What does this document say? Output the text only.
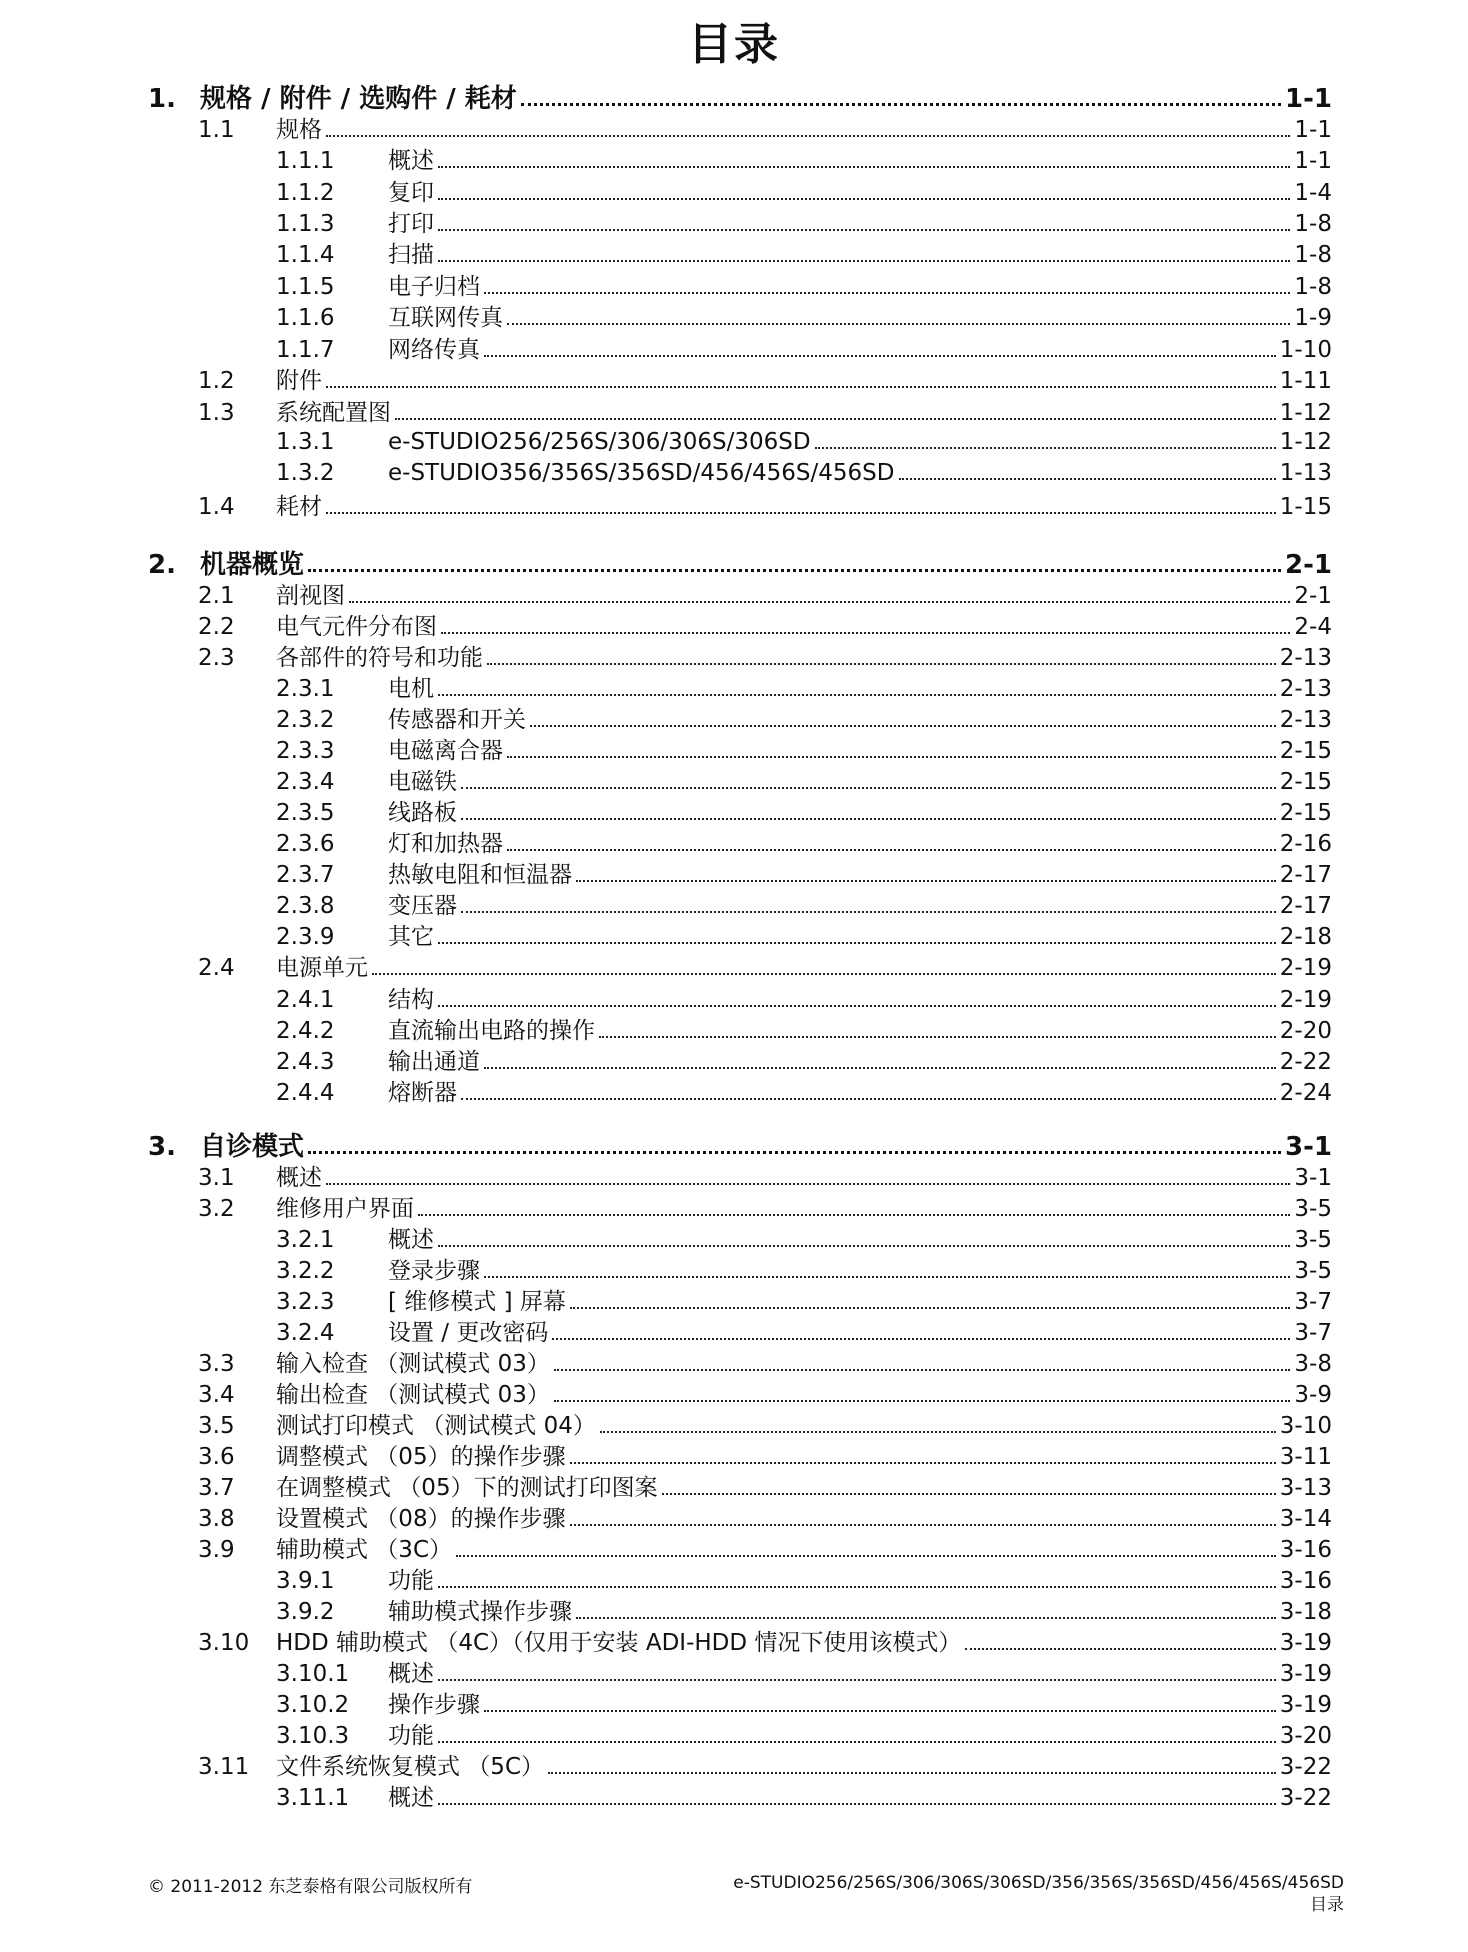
目录
1. 规格 / 附件 / 选购件 / 耗材	1-1
1.1 规格	1-1
1.1.1 概述	1-1
1.1.2 复印	1-4
1.1.3 打印	1-8
1.1.4 扫描	1-8
1.1.5 电子归档	1-8
1.1.6 互联网传真	1-9
1.1.7 网络传真	1-10
1.2 附件	1-11
1.3 系统配置图	1-12
1.3.1 e-STUDIO256/256S/306/306S/306SD	1-12
1.3.2 e-STUDIO356/356S/356SD/456/456S/456SD	1-13
1.4 耗材	1-15
2. 机器概览	2-1
2.1 剖视图	2-1
2.2 电气元件分布图	2-4
2.3 各部件的符号和功能	2-13
2.3.1 电机	2-13
2.3.2 传感器和开关	2-13
2.3.3 电磁离合器	2-15
2.3.4 电磁铁	2-15
2.3.5 线路板	2-15
2.3.6 灯和加热器	2-16
2.3.7 热敏电阻和恒温器	2-17
2.3.8 变压器	2-17
2.3.9 其它	2-18
2.4 电源单元	2-19
2.4.1 结构	2-19
2.4.2 直流输出电路的操作	2-20
2.4.3 输出通道	2-22
2.4.4 熔断器	2-24
3. 自诊模式	3-1
3.1 概述	3-1
3.2 维修用户界面	3-5
3.2.1 概述	3-5
3.2.2 登录步骤	3-5
3.2.3 [ 维修模式 ] 屏幕	3-7
3.2.4 设置 / 更改密码	3-7
3.3 输入检查 （测试模式 03）	3-8
3.4 输出检查 （测试模式 03）	3-9
3.5 测试打印模式 （测试模式 04）	3-10
3.6 调整模式 （05）的操作步骤	3-11
3.7 在调整模式 （05）下的测试打印图案	3-13
3.8 设置模式 （08）的操作步骤	3-14
3.9 辅助模式 （3C）	3-16
3.9.1 功能	3-16
3.9.2 辅助模式操作步骤	3-18
3.10 HDD 辅助模式 （4C）（仅用于安装 ADI-HDD 情况下使用该模式）	3-19
3.10.1 概述	3-19
3.10.2 操作步骤	3-19
3.10.3 功能	3-20
3.11 文件系统恢复模式 （5C）	3-22
3.11.1 概述	3-22
© 2011-2012 东芝泰格有限公司版权所有	e-STUDIO256/256S/306/306S/306SD/356/356S/356SD/456/456S/456SD
目录
